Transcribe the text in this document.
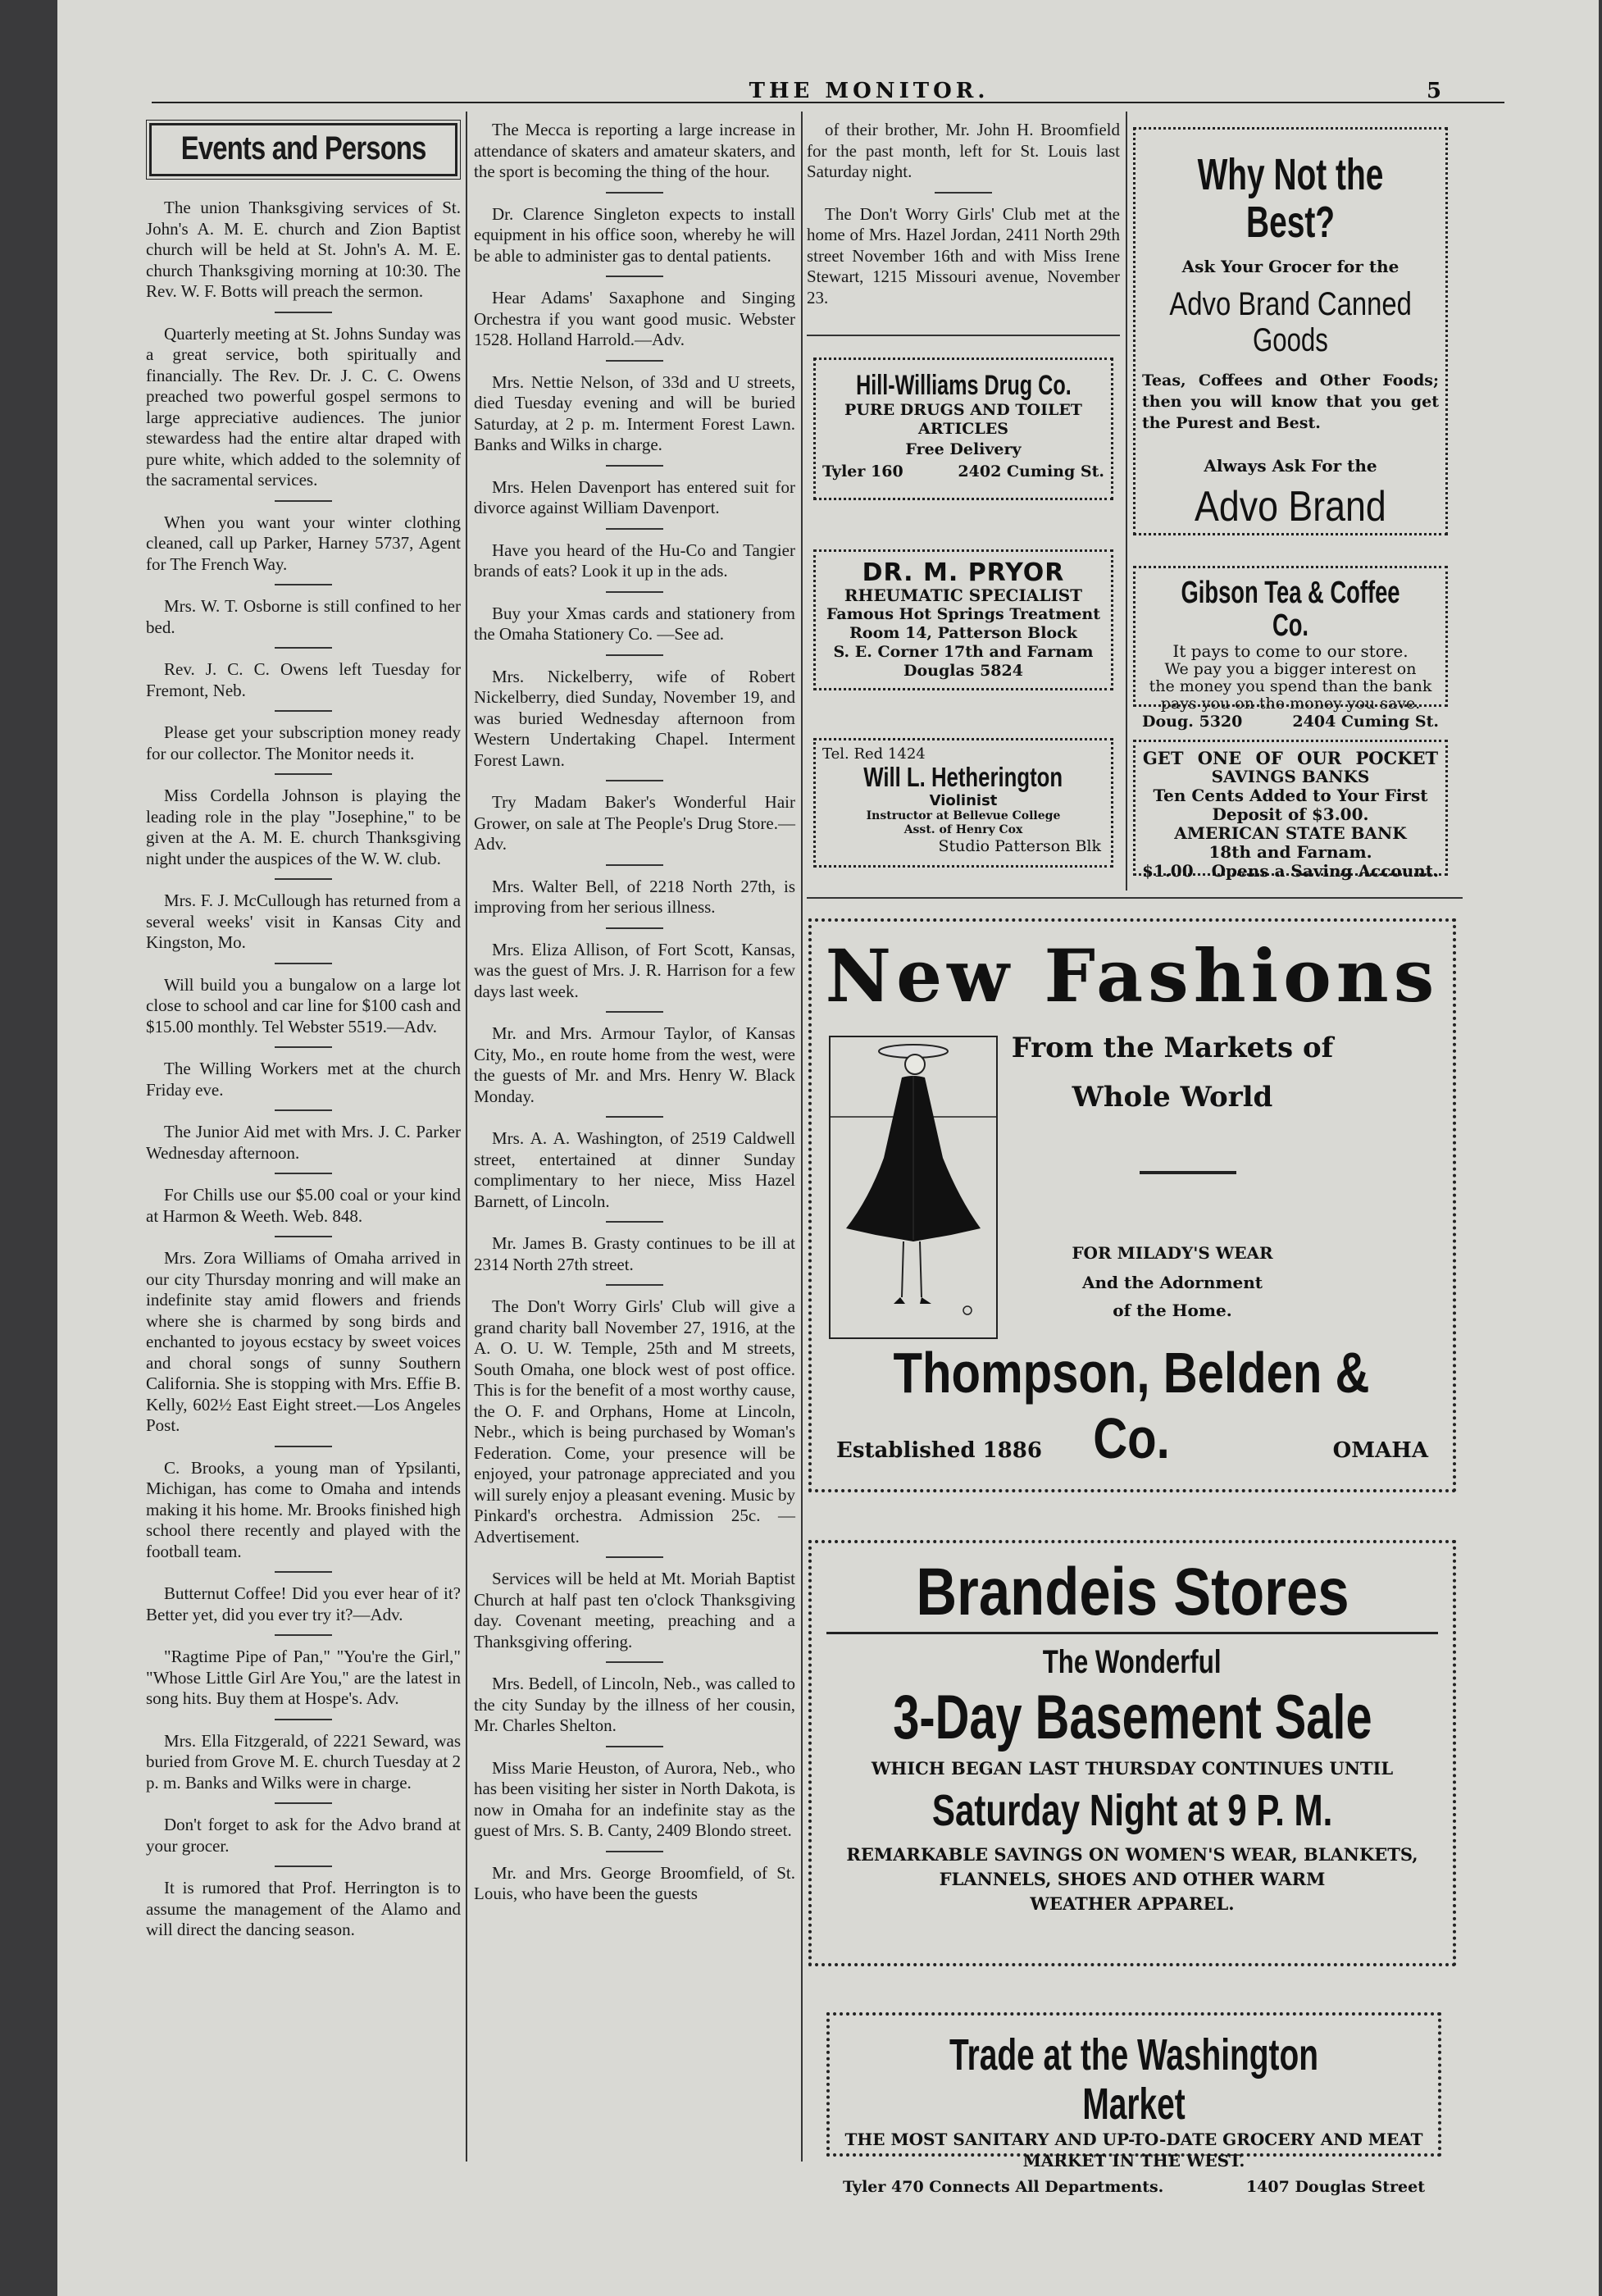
THE MONITOR.	5
Events and Persons

The union Thanksgiving services of St. John's A. M. E. church and Zion Baptist church will be held at St. John's A. M. E. church Thanksgiving morning at 10:30. The Rev. W. F. Botts will preach the sermon.

Quarterly meeting at St. Johns Sunday was a great service, both spiritually and financially. The Rev. Dr. J. C. C. Owens preached two powerful gospel sermons to large appreciative audiences. The junior stewardess had the entire altar draped with pure white, which added to the solemnity of the sacramental services.

When you want your winter clothing cleaned, call up Parker, Harney 5737, Agent for The French Way.

Mrs. W. T. Osborne is still confined to her bed.

Rev. J. C. C. Owens left Tuesday for Fremont, Neb.

Please get your subscription money ready for our collector. The Monitor needs it.

Miss Cordella Johnson is playing the leading role in the play "Josephine," to be given at the A. M. E. church Thanksgiving night under the auspices of the W. W. club.

Mrs. F. J. McCullough has returned from a several weeks' visit in Kansas City and Kingston, Mo.

Will build you a bungalow on a large lot close to school and car line for $100 cash and $15.00 monthly. Tel Webster 5519.—Adv.

The Willing Workers met at the church Friday eve.

The Junior Aid met with Mrs. J. C. Parker Wednesday afternoon.

For Chills use our $5.00 coal or your kind at Harmon & Weeth. Web. 848.

Mrs. Zora Williams of Omaha arrived in our city Thursday monring and will make an indefinite stay amid flowers and friends where she is charmed by song birds and enchanted to joyous ecstacy by sweet voices and choral songs of sunny Southern California. She is stopping with Mrs. Effie B. Kelly, 602½ East Eight street.—Los Angeles Post.

C. Brooks, a young man of Ypsilanti, Michigan, has come to Omaha and intends making it his home. Mr. Brooks finished high school there recently and played with the football team.

Butternut Coffee! Did you ever hear of it? Better yet, did you ever try it?—Adv.

"Ragtime Pipe of Pan," "You're the Girl," "Whose Little Girl Are You," are the latest in song hits. Buy them at Hospe's. Adv.

Mrs. Ella Fitzgerald, of 2221 Seward, was buried from Grove M. E. church Tuesday at 2 p. m. Banks and Wilks were in charge.

Don't forget to ask for the Advo brand at your grocer.

It is rumored that Prof. Herrington is to assume the management of the Alamo and will direct the dancing season.

The Mecca is reporting a large increase in attendance of skaters and amateur skaters, and the sport is becoming the thing of the hour.

Dr. Clarence Singleton expects to install equipment in his office soon, whereby he will be able to administer gas to dental patients.

Hear Adams' Saxaphone and Singing Orchestra if you want good music. Webster 1528. Holland Harrold.—Adv.

Mrs. Nettie Nelson, of 33d and U streets, died Tuesday evening and will be buried Saturday, at 2 p. m. Interment Forest Lawn. Banks and Wilks in charge.

Mrs. Helen Davenport has entered suit for divorce against William Davenport.

Have you heard of the Hu-Co and Tangier brands of eats? Look it up in the ads.

Buy your Xmas cards and stationery from the Omaha Stationery Co. —See ad.

Mrs. Nickelberry, wife of Robert Nickelberry, died Sunday, November 19, and was buried Wednesday afternoon from Western Undertaking Chapel. Interment Forest Lawn.

Try Madam Baker's Wonderful Hair Grower, on sale at The People's Drug Store.—Adv.

Mrs. Walter Bell, of 2218 North 27th, is improving from her serious illness.

Mrs. Eliza Allison, of Fort Scott, Kansas, was the guest of Mrs. J. R. Harrison for a few days last week.

Mr. and Mrs. Armour Taylor, of Kansas City, Mo., en route home from the west, were the guests of Mr. and Mrs. Henry W. Black Monday.

Mrs. A. A. Washington, of 2519 Caldwell street, entertained at dinner Sunday complimentary to her niece, Miss Hazel Barnett, of Lincoln.

Mr. James B. Grasty continues to be ill at 2314 North 27th street.

The Don't Worry Girls' Club will give a grand charity ball November 27, 1916, at the A. O. U. W. Temple, 25th and M streets, South Omaha, one block west of post office. This is for the benefit of a most worthy cause, the O. F. and Orphans, Home at Lincoln, Nebr., which is being purchased by Woman's Federation. Come, your presence will be enjoyed, your patronage appreciated and you will surely enjoy a pleasant evening. Music by Pinkard's orchestra. Admission 25c. —Advertisement.

Services will be held at Mt. Moriah Baptist Church at half past ten o'clock Thanksgiving day. Covenant meeting, preaching and a Thanksgiving offering.

Mrs. Bedell, of Lincoln, Neb., was called to the city Sunday by the illness of her cousin, Mr. Charles Shelton.

Miss Marie Heuston, of Aurora, Neb., who has been visiting her sister in North Dakota, is now in Omaha for an indefinite stay as the guest of Mrs. S. B. Canty, 2409 Blondo street.

Mr. and Mrs. George Broomfield, of St. Louis, who have been the guests

of their brother, Mr. John H. Broomfield for the past month, left for St. Louis last Saturday night.

The Don't Worry Girls' Club met at the home of Mrs. Hazel Jordan, 2411 North 29th street November 16th and with Miss Irene Stewart, 1215 Missouri avenue, November 23.

Hill-Williams Drug Co.
PURE DRUGS AND TOILET
ARTICLES
Free Delivery
Tyler 160	2402 Cuming St.
DR. M. PRYOR
RHEUMATIC SPECIALIST
Famous Hot Springs Treatment
Room 14, Patterson Block
S. E. Corner 17th and Farnam
Douglas 5824
Tel. Red 1424
Will L. Hetherington
Violinist
Instructor at Bellevue College
Asst. of Henry Cox
Studio Patterson Blk
Why Not the Best?
Ask Your Grocer for the
Advo Brand Canned
Goods
Teas, Coffees and Other Foods; then you will know that you get the Purest and Best.
Always Ask For the
Advo Brand
Gibson Tea & Coffee Co.
It pays to come to our store.
We pay you a bigger interest on
the money you spend than the bank
pays you on the money you save.
Doug. 5320	2404 Cuming St.
GET ONE OF OUR POCKET
SAVINGS BANKS
Ten Cents Added to Your First
Deposit of $3.00.
AMERICAN STATE BANK
18th and Farnam.
$1.00 Opens a Saving Account.
New Fashions
From the Markets of
Whole World
FOR MILADY'S WEAR
And the Adornment
of the Home.
Thompson, Belden & Co.
Established 1886	OMAHA
Brandeis Stores
The Wonderful
3-Day Basement Sale
WHICH BEGAN LAST THURSDAY CONTINUES UNTIL
Saturday Night at 9 P. M.
REMARKABLE SAVINGS ON WOMEN'S WEAR, BLANKETS,
FLANNELS, SHOES AND OTHER WARM
WEATHER APPAREL.
Trade at the Washington Market
THE MOST SANITARY AND UP-TO-DATE GROCERY AND MEAT
MARKET IN THE WEST.
Tyler 470 Connects All Departments.	1407 Douglas Street
